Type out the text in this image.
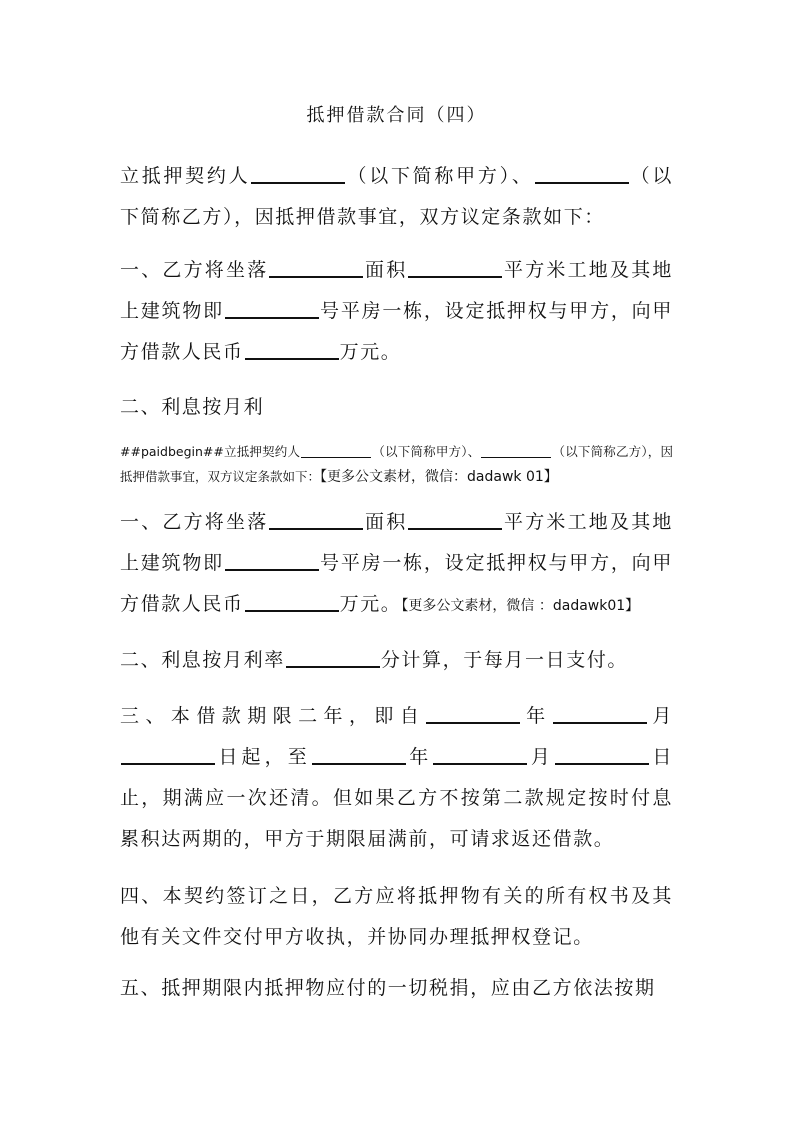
抵押借款合同（四）
立抵押契约人	（以下简称甲方）、	（以下简称乙方），因抵押借款事宜，双方议定条款如下：
一、乙方将坐落	面积	平方米工地及其地上建筑物即	号平房一栋，设定抵押权与甲方，向甲方借款人民币	万元。
二、利息按月利
##paidbegin##立抵押契约人	（以下简称甲方）、	（以下简称乙方），因抵押借款事宜，双方议定条款如下：【更多公文素材，微信：dadawk 01】
一、乙方将坐落	面积	平方米工地及其地上建筑物即	号平房一栋，设定抵押权与甲方，向甲方借款人民币	万元。【更多公文素材，微信 ：dadawk01】
二、利息按月利率	分计算，于每月一日支付。
三、本借款期限二年，即自	年	月日起，至	年	月	日止，期满应一次还清。但如果乙方不按第二款规定按时付息累积达两期的，甲方于期限届满前，可请求返还借款。
四、本契约签订之日，乙方应将抵押物有关的所有权书及其他有关文件交付甲方收执，并协同办理抵押权登记。
五、抵押期限内抵押物应付的一切税捐，应由乙方依法按期
